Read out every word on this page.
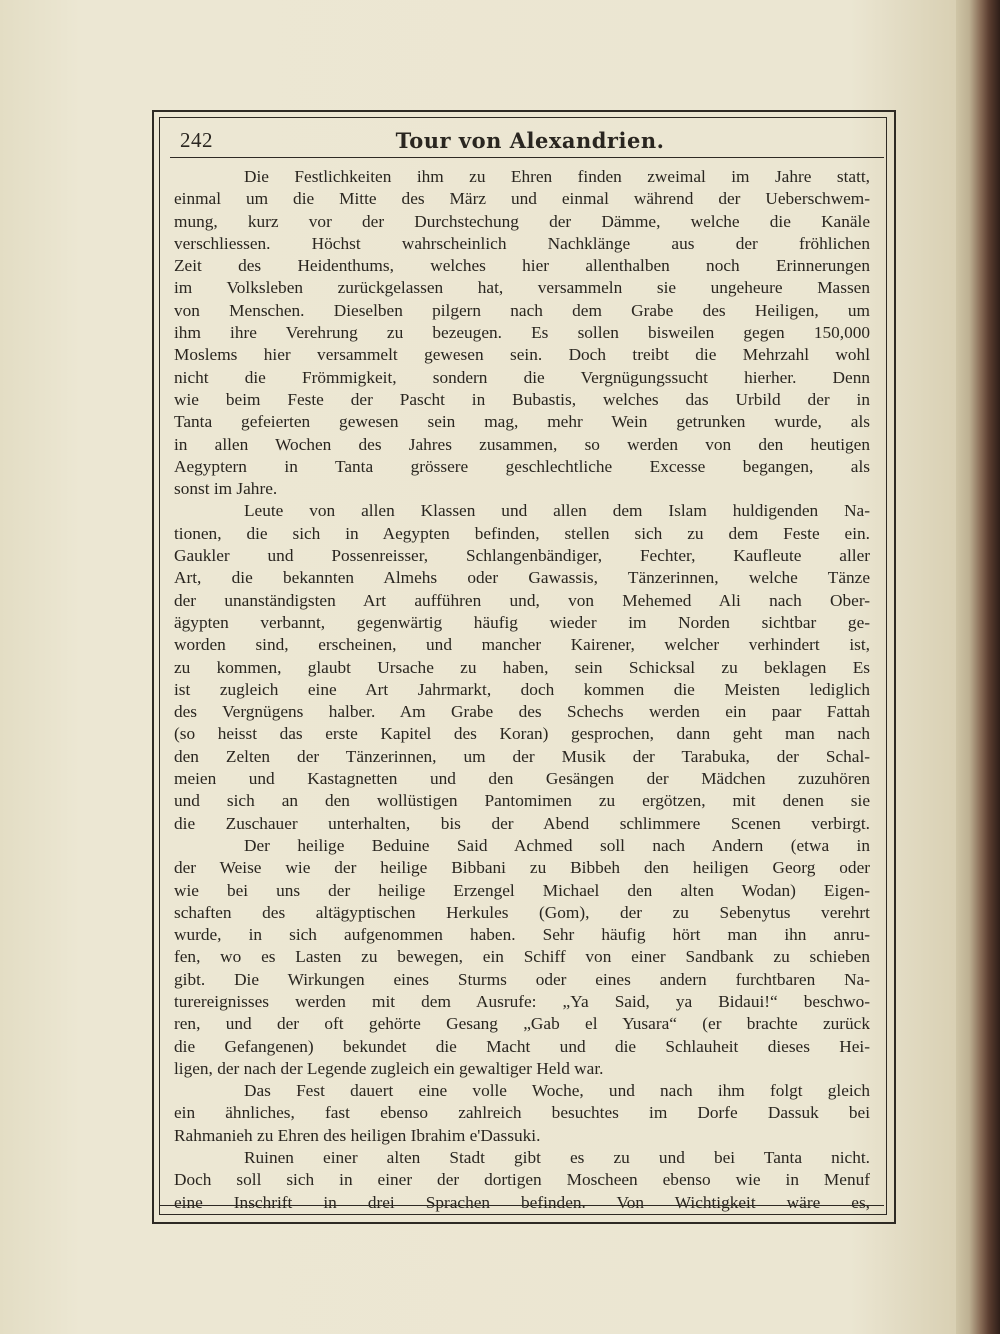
242	Tour von Alexandrien.
Die Festlichkeiten ihm zu Ehren finden zweimal im Jahre statt,
einmal um die Mitte des März und einmal während der Ueberschwem-
mung, kurz vor der Durchstechung der Dämme, welche die Kanäle
verschliessen. Höchst wahrscheinlich Nachklänge aus der fröhlichen
Zeit des Heidenthums, welches hier allenthalben noch Erinnerungen
im Volksleben zurückgelassen hat, versammeln sie ungeheure Massen
von Menschen. Dieselben pilgern nach dem Grabe des Heiligen, um
ihm ihre Verehrung zu bezeugen. Es sollen bisweilen gegen 150,000
Moslems hier versammelt gewesen sein. Doch treibt die Mehrzahl wohl
nicht die Frömmigkeit, sondern die Vergnügungssucht hierher. Denn
wie beim Feste der Pascht in Bubastis, welches das Urbild der in
Tanta gefeierten gewesen sein mag, mehr Wein getrunken wurde, als
in allen Wochen des Jahres zusammen, so werden von den heutigen
Aegyptern in Tanta grössere geschlechtliche Excesse begangen, als
sonst im Jahre.
Leute von allen Klassen und allen dem Islam huldigenden Na-
tionen, die sich in Aegypten befinden, stellen sich zu dem Feste ein.
Gaukler und Possenreisser, Schlangenbändiger, Fechter, Kaufleute aller
Art, die bekannten Almehs oder Gawassis, Tänzerinnen, welche Tänze
der unanständigsten Art aufführen und, von Mehemed Ali nach Ober-
ägypten verbannt, gegenwärtig häufig wieder im Norden sichtbar ge-
worden sind, erscheinen, und mancher Kairener, welcher verhindert ist,
zu kommen, glaubt Ursache zu haben, sein Schicksal zu beklagen Es
ist zugleich eine Art Jahrmarkt, doch kommen die Meisten lediglich
des Vergnügens halber. Am Grabe des Schechs werden ein paar Fattah
(so heisst das erste Kapitel des Koran) gesprochen, dann geht man nach
den Zelten der Tänzerinnen, um der Musik der Tarabuka, der Schal-
meien und Kastagnetten und den Gesängen der Mädchen zuzuhören
und sich an den wollüstigen Pantomimen zu ergötzen, mit denen sie
die Zuschauer unterhalten, bis der Abend schlimmere Scenen verbirgt.
Der heilige Beduine Said Achmed soll nach Andern (etwa in
der Weise wie der heilige Bibbani zu Bibbeh den heiligen Georg oder
wie bei uns der heilige Erzengel Michael den alten Wodan) Eigen-
schaften des altägyptischen Herkules (Gom), der zu Sebenytus verehrt
wurde, in sich aufgenommen haben. Sehr häufig hört man ihn anru-
fen, wo es Lasten zu bewegen, ein Schiff von einer Sandbank zu schieben
gibt. Die Wirkungen eines Sturms oder eines andern furchtbaren Na-
turereignisses werden mit dem Ausrufe: „Ya Said, ya Bidaui!“ beschwo-
ren, und der oft gehörte Gesang „Gab el Yusara“ (er brachte zurück
die Gefangenen) bekundet die Macht und die Schlauheit dieses Hei-
ligen, der nach der Legende zugleich ein gewaltiger Held war.
Das Fest dauert eine volle Woche, und nach ihm folgt gleich
ein ähnliches, fast ebenso zahlreich besuchtes im Dorfe Dassuk bei
Rahmanieh zu Ehren des heiligen Ibrahim e'Dassuki.
Ruinen einer alten Stadt gibt es zu und bei Tanta nicht.
Doch soll sich in einer der dortigen Moscheen ebenso wie in Menuf
eine Inschrift in drei Sprachen befinden. Von Wichtigkeit wäre es,
